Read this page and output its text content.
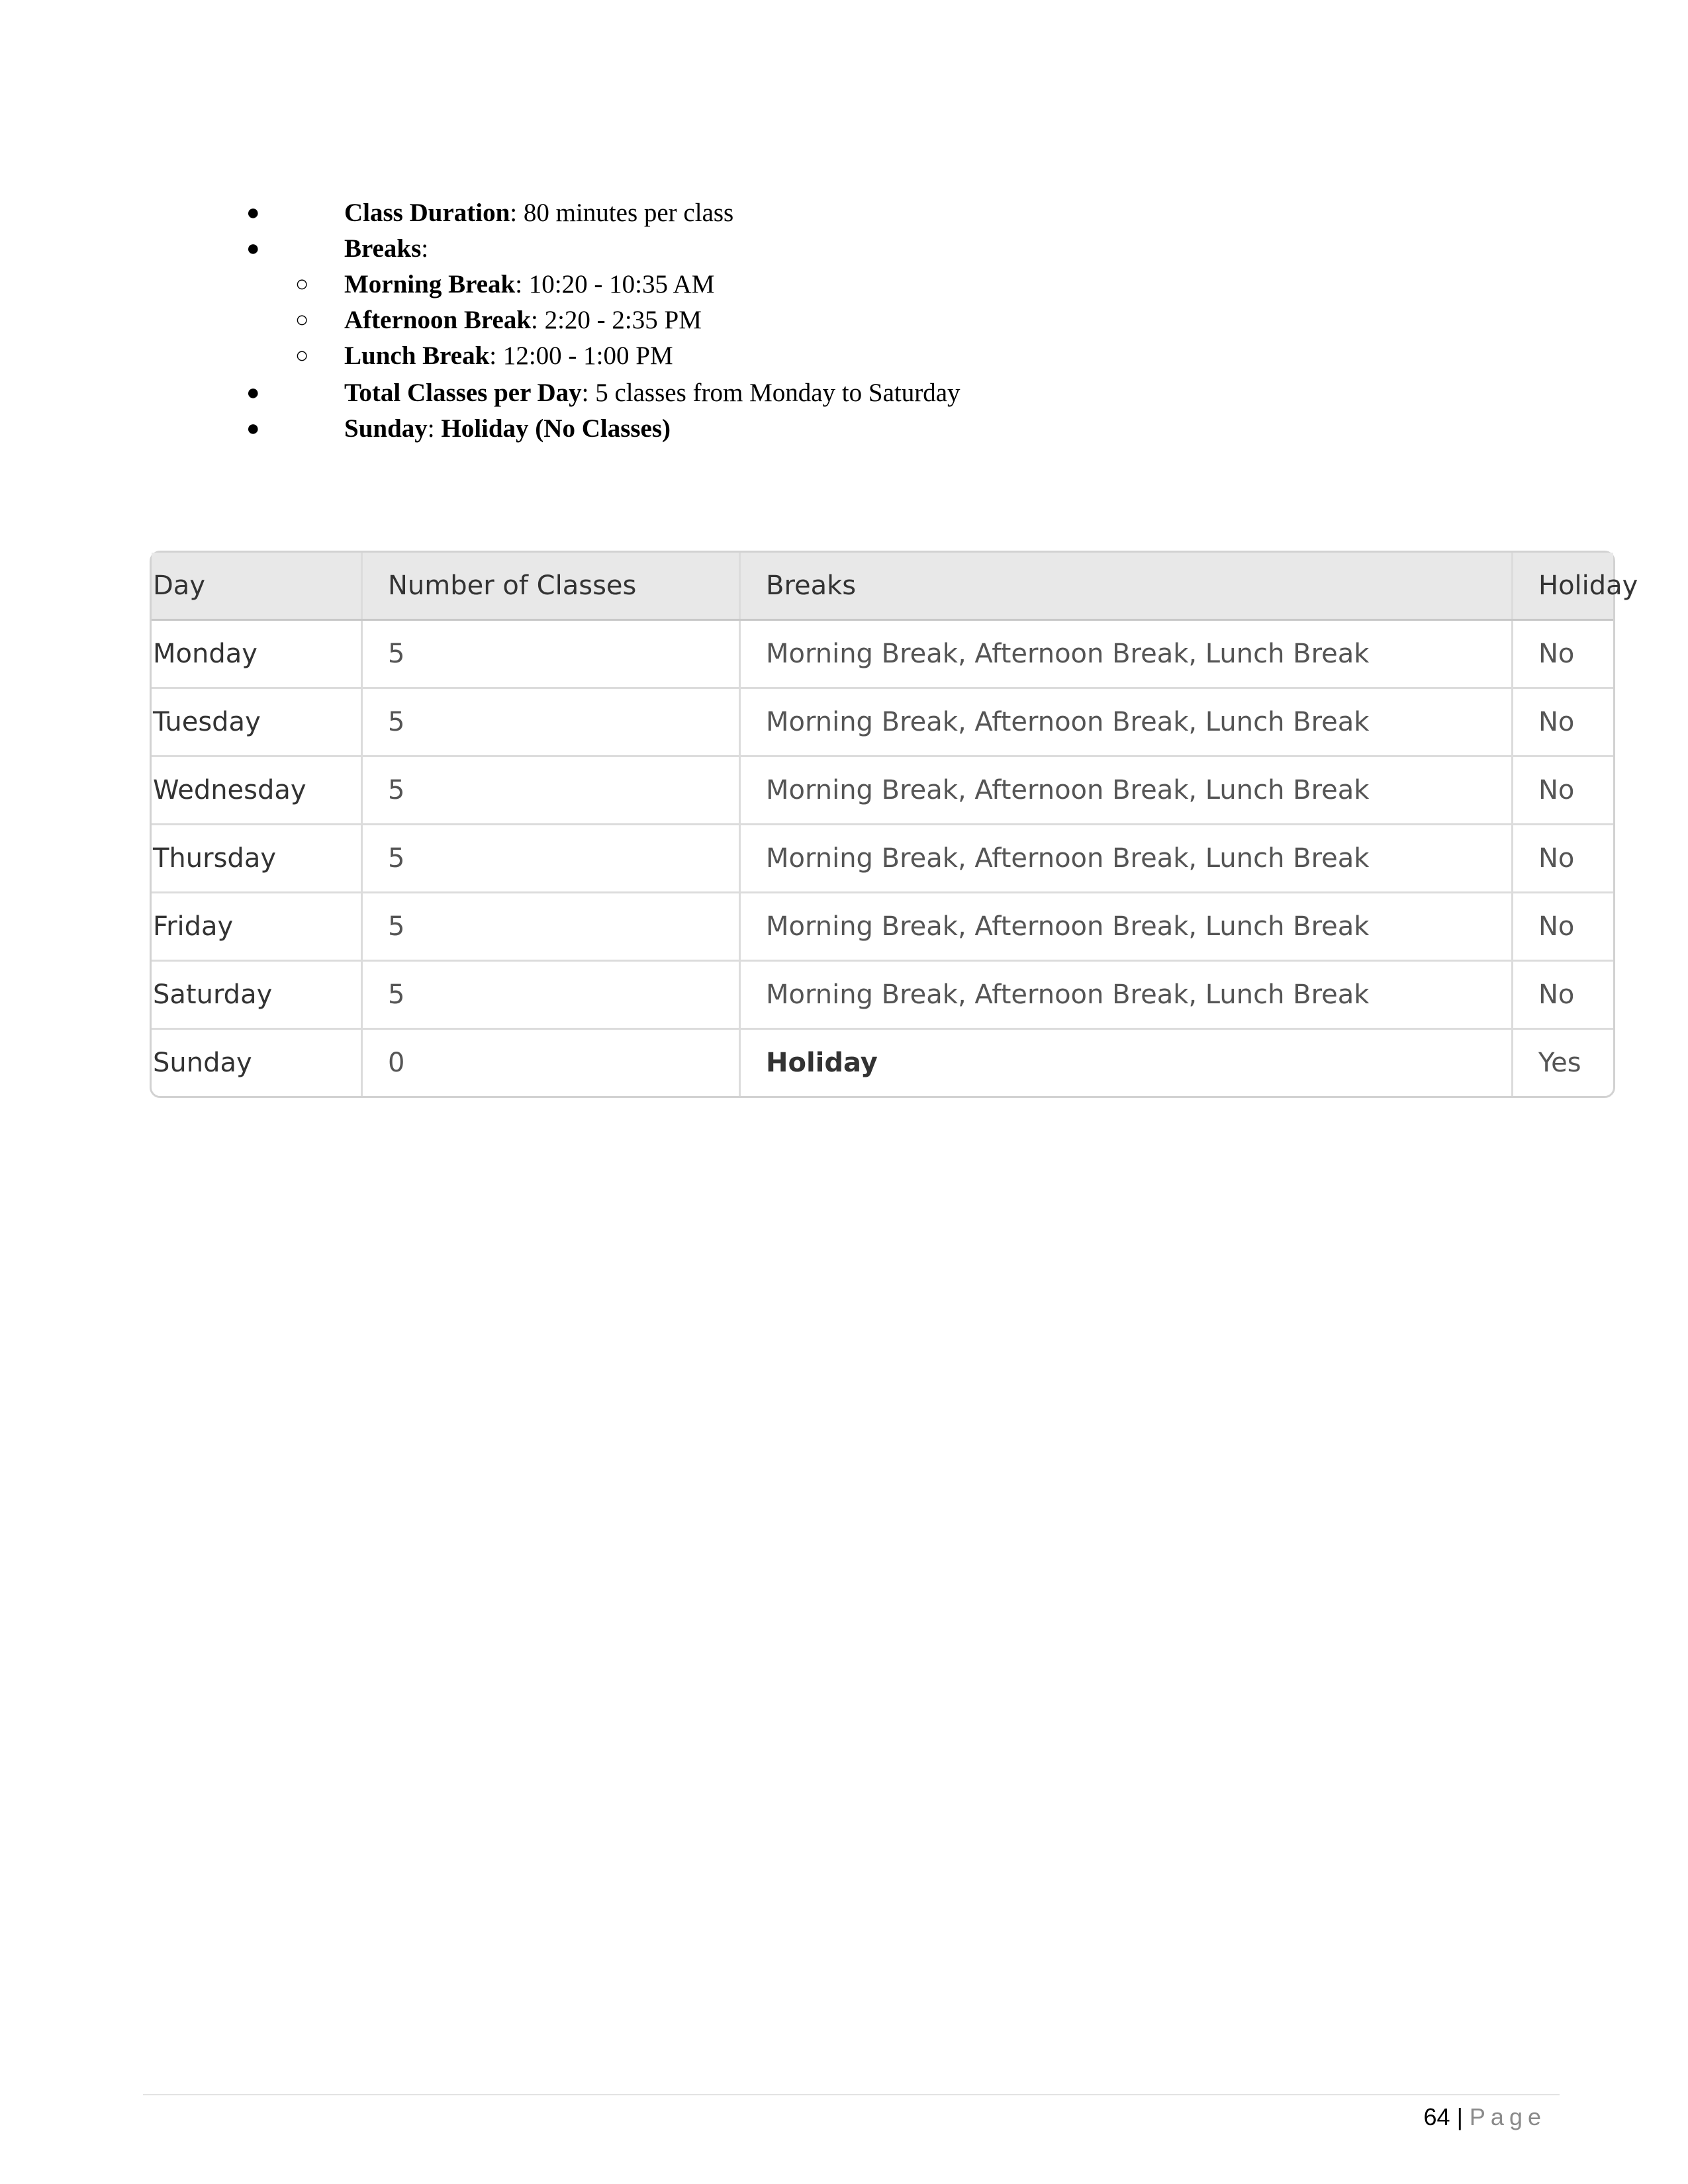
●	Class Duration: 80 minutes per class
●	Breaks:
○ Morning Break: 10:20 - 10:35 AM
○ Afternoon Break: 2:20 - 2:35 PM
○ Lunch Break: 12:00 - 1:00 PM
●	Total Classes per Day: 5 classes from Monday to Saturday
●	Sunday: Holiday (No Classes)
Day	Number of Classes	Breaks	Holiday
Monday	5	Morning Break, Afternoon Break, Lunch Break	No
Tuesday	5	Morning Break, Afternoon Break, Lunch Break	No
Wednesday	5	Morning Break, Afternoon Break, Lunch Break	No
Thursday	5	Morning Break, Afternoon Break, Lunch Break	No
Friday	5	Morning Break, Afternoon Break, Lunch Break	No
Saturday	5	Morning Break, Afternoon Break, Lunch Break	No
Sunday	0	Holiday	Yes
64 | Page
